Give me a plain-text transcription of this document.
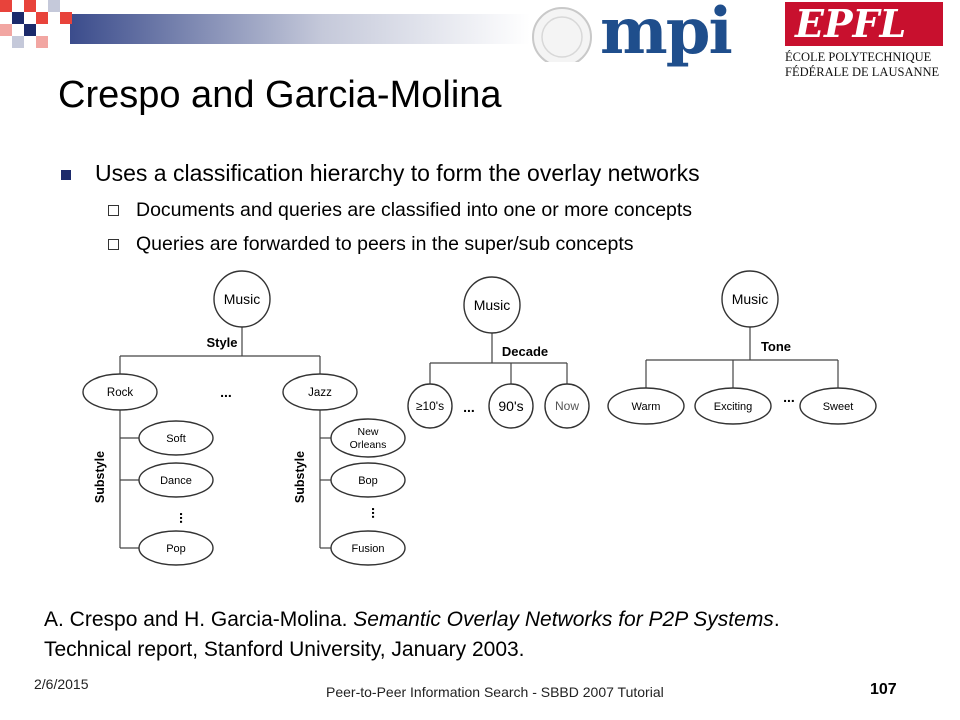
mpi EPFL
ÉCOLE POLYTECHNIQUE
FÉDÉRALE DE LAUSANNE
Crespo and Garcia-Molina
Uses a classification hierarchy to form the overlay networks
Documents and queries are classified into one or more concepts
Queries are forwarded to peers in the super/sub concepts
Music
Style
Rock	...	Jazz
Substyle	Substyle
Soft
Dance
...
Pop
New
Orleans
Bop
...
Fusion
Music
Decade
≥10's ... 90's	Now
Music
Tone
Warm	Exciting
...
Sweet
A. Crespo and H. Garcia-Molina. Semantic Overlay Networks for P2P Systems. Technical report, Stanford University, January 2003.
2/6/2015	Peer-to-Peer Information Search - SBBD 2007 Tutorial	107
